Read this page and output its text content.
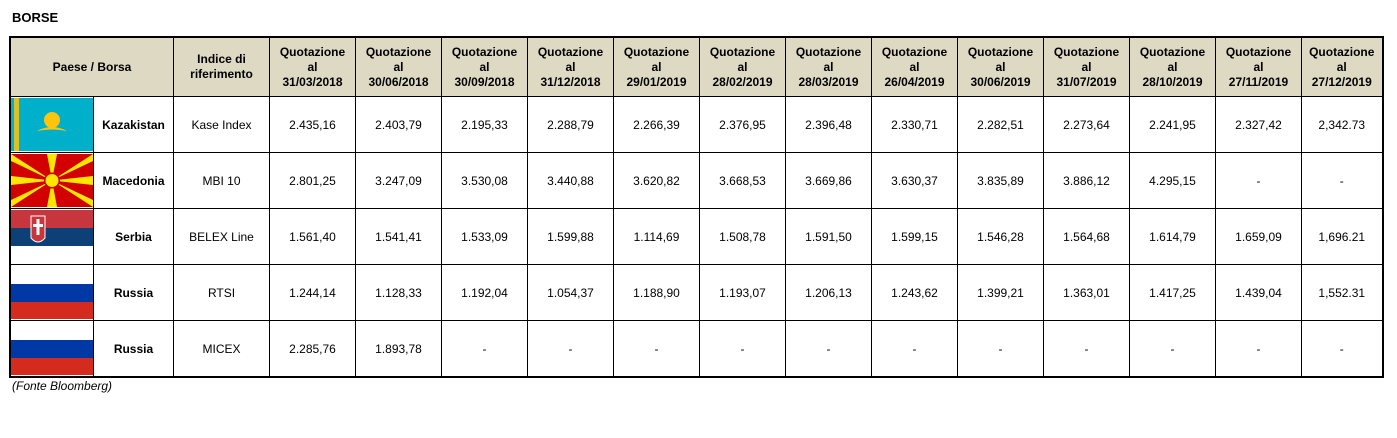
BORSE
Paese / Borsa		Indice di
riferimento	Quotazione
al
31/03/2018	Quotazione
al
30/06/2018	Quotazione
al
30/09/2018	Quotazione
al
31/12/2018	Quotazione
al
29/01/2019	Quotazione
al
28/02/2019	Quotazione
al
28/03/2019	Quotazione
al
26/04/2019	Quotazione
al
30/06/2019	Quotazione
al
31/07/2019	Quotazione
al
28/10/2019	Quotazione
al
27/11/2019	Quotazione
al
27/12/2019

	Kazakistan	Kase Index	2.435,16	2.403,79	2.195,33	2.288,79	2.266,39	2.376,95	2.396,48	2.330,71	2.282,51	2.273,64	2.241,95	2.327,42	2,342.73

	Macedonia	MBI 10	2.801,25	3.247,09	3.530,08	3.440,88	3.620,82	3.668,53	3.669,86	3.630,37	3.835,89	3.886,12	4.295,15	-	-

	Serbia	BELEX Line	1.561,40	1.541,41	1.533,09	1.599,88	1.114,69	1.508,78	1.591,50	1.599,15	1.546,28	1.564,68	1.614,79	1.659,09	1,696.21

	Russia	RTSI	1.244,14	1.128,33	1.192,04	1.054,37	1.188,90	1.193,07	1.206,13	1.243,62	1.399,21	1.363,01	1.417,25	1.439,04	1,552.31

	Russia	MICEX	2.285,76	1.893,78	-	-	-	-	-	-	-	-	-	-	-
(Fonte Bloomberg)
